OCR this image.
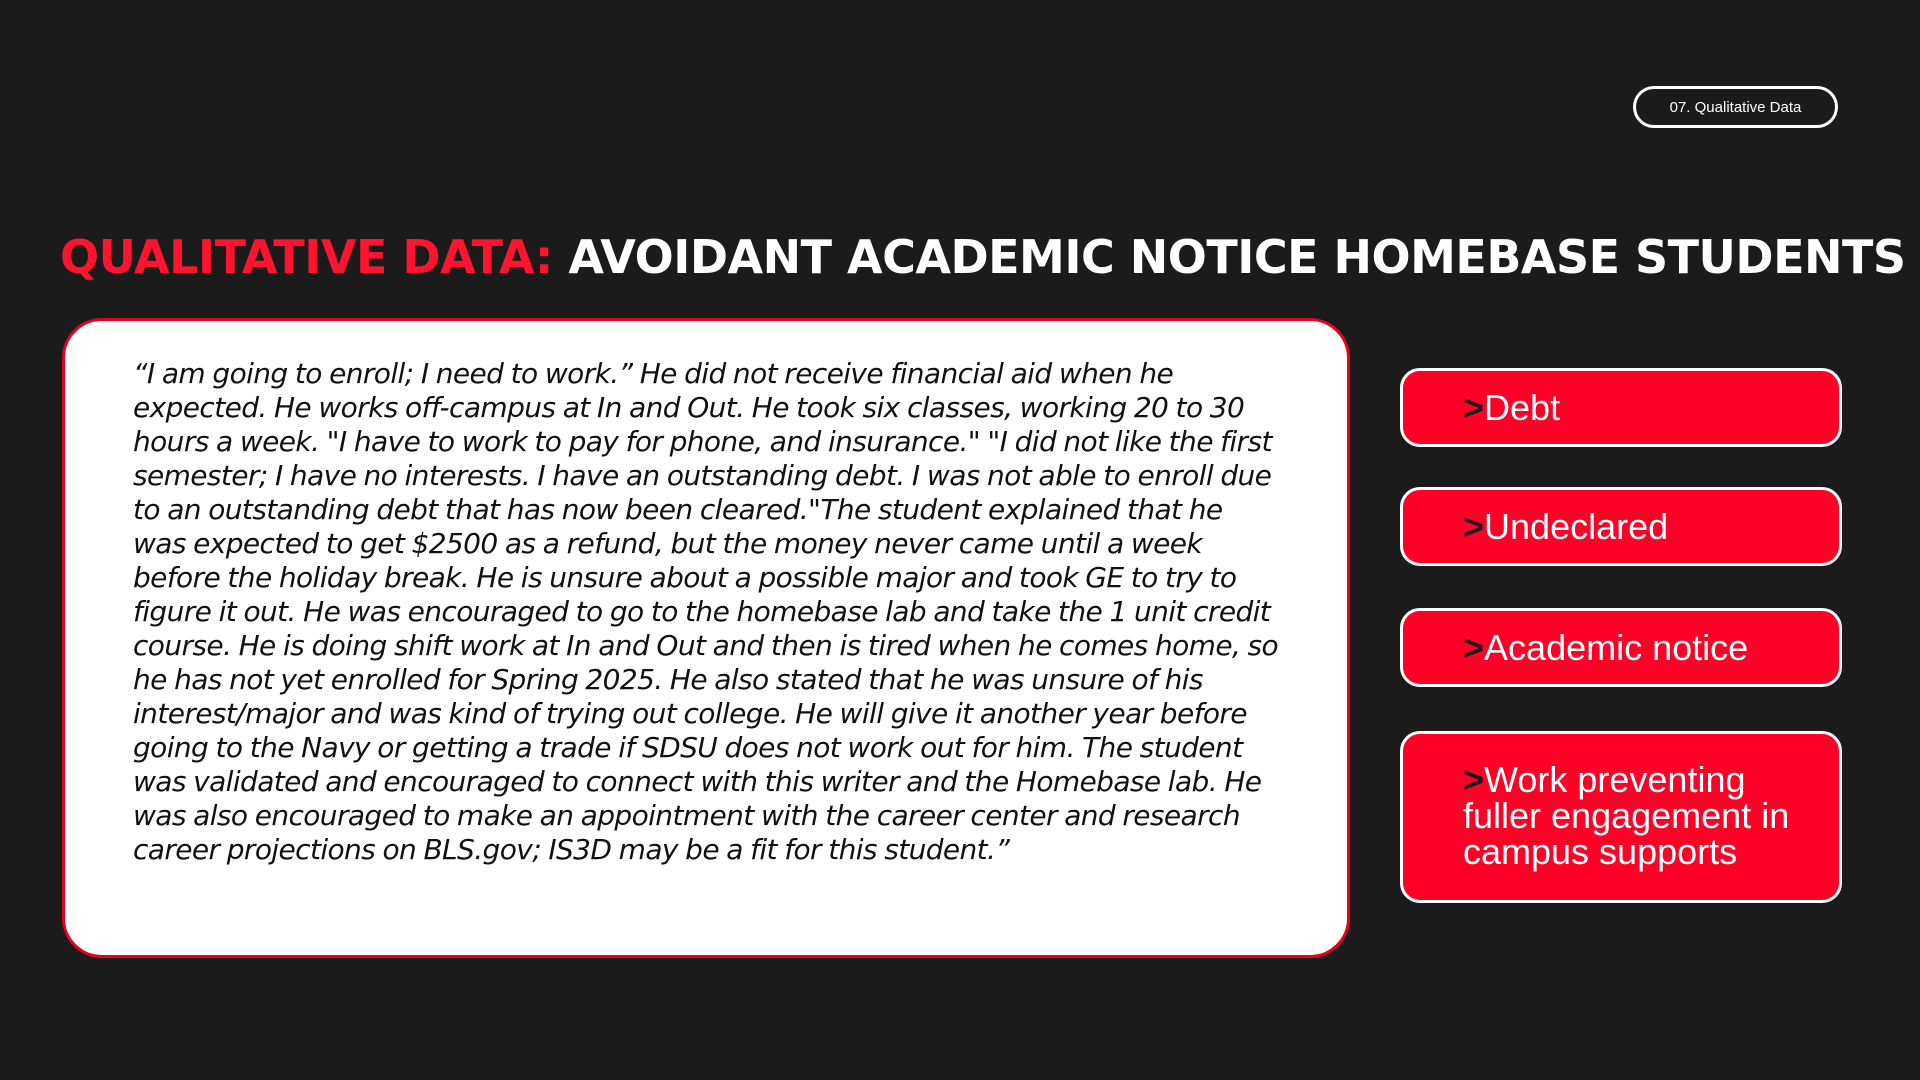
07. Qualitative Data
QUALITATIVE DATA: AVOIDANT ACADEMIC NOTICE HOMEBASE STUDENTS

“I am going to enroll; I need to work.” He did not receive financial aid when he expected. He works off-campus at In and Out. He took six classes, working 20 to 30 hours a week. "I have to work to pay for phone, and insurance." "I did not like the first semester; I have no interests. I have an outstanding debt. I was not able to enroll due to an outstanding debt that has now been cleared."The student explained that he was expected to get $2500 as a refund, but the money never came until a week before the holiday break. He is unsure about a possible major and took GE to try to figure it out. He was encouraged to go to the homebase lab and take the 1 unit credit course. He is doing shift work at In and Out and then is tired when he comes home, so he has not yet enrolled for Spring 2025. He also stated that he was unsure of his interest/major and was kind of trying out college. He will give it another year before going to the Navy or getting a trade if SDSU does not work out for him. The student was validated and encouraged to connect with this writer and the Homebase lab. He was also encouraged to make an appointment with the career center and research career projections on BLS.gov; IS3D may be a fit for this student.”

>Debt
>Undeclared
>Academic notice
>Work preventing fuller engagement in campus supports
